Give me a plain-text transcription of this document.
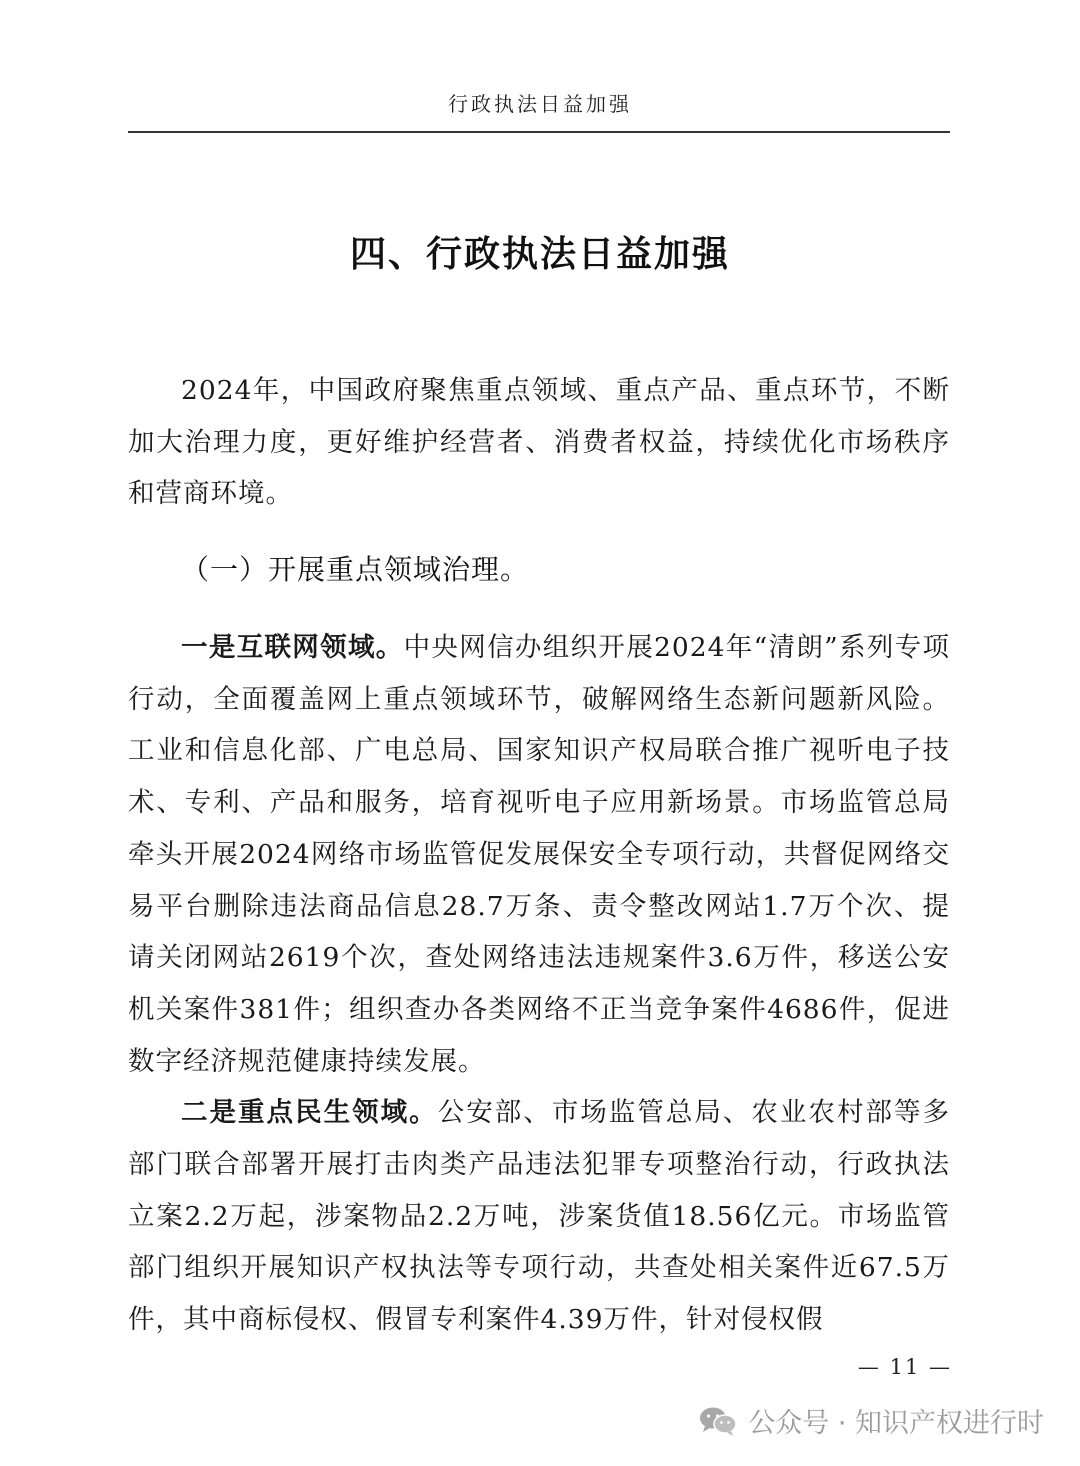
行政执法日益加强
四、行政执法日益加强
2024年，中国政府聚焦重点领域、重点产品、重点环节，不断加大治理力度，更好维护经营者、消费者权益，持续优化市场秩序和营商环境。
（一）开展重点领域治理。
一是互联网领域。中央网信办组织开展2024年“清朗”系列专项行动，全面覆盖网上重点领域环节，破解网络生态新问题新风险。工业和信息化部、广电总局、国家知识产权局联合推广视听电子技术、专利、产品和服务，培育视听电子应用新场景。市场监管总局牵头开展2024网络市场监管促发展保安全专项行动，共督促网络交易平台删除违法商品信息28.7万条、责令整改网站1.7万个次、提请关闭网站2619个次，查处网络违法违规案件3.6万件，移送公安机关案件381件；组织查办各类网络不正当竞争案件4686件，促进数字经济规范健康持续发展。
二是重点民生领域。公安部、市场监管总局、农业农村部等多部门联合部署开展打击肉类产品违法犯罪专项整治行动，行政执法立案2.2万起，涉案物品2.2万吨，涉案货值18.56亿元。市场监管部门组织开展知识产权执法等专项行动，共查处相关案件近67.5万件，其中商标侵权、假冒专利案件4.39万件，针对侵权假
— 11 —
公众号 · 知识产权进行时
